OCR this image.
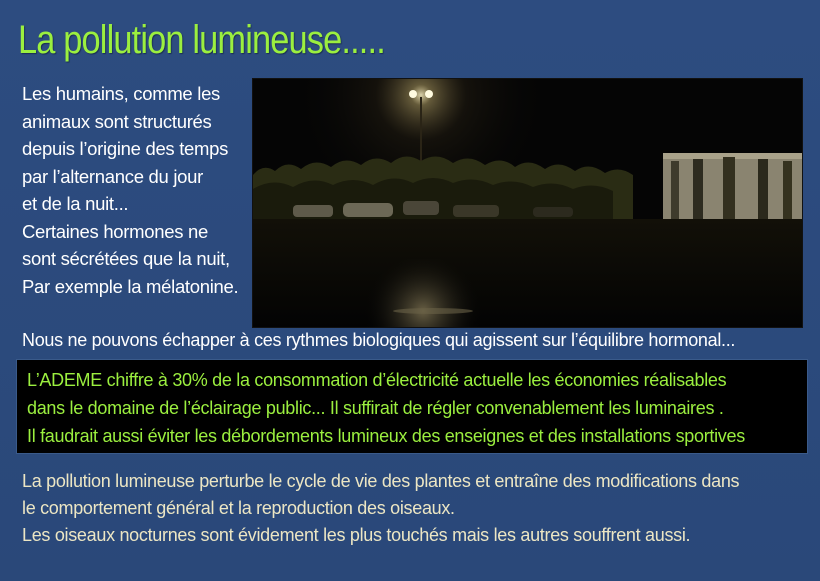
La pollution lumineuse.....
Les humains, comme les
animaux sont structurés
depuis l’origine des temps
par l’alternance du jour
et de la nuit...
Certaines hormones ne
sont sécrétées que la nuit,
Par exemple la mélatonine.
Nous ne pouvons échapper à ces rythmes biologiques qui agissent sur l’équilibre hormonal...
L’ADEME chiffre à 30% de la consommation d’électricité actuelle les économies réalisables
dans le domaine de l’éclairage public... Il suffirait de régler convenablement les luminaires .
Il faudrait aussi éviter les débordements lumineux des enseignes et des installations sportives
La pollution lumineuse perturbe le cycle de vie des plantes et entraîne des modifications dans
le comportement général et la reproduction des oiseaux.
Les oiseaux nocturnes sont évidement les plus touchés mais les autres souffrent aussi.
